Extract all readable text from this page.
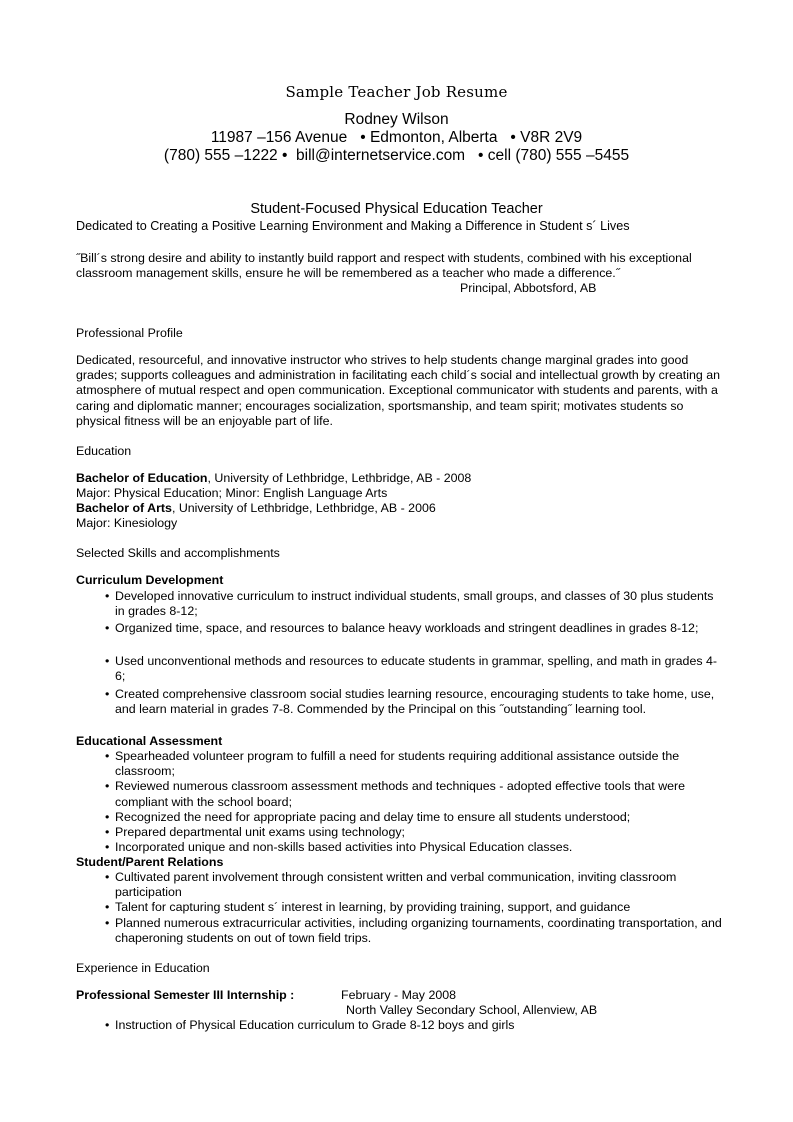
Sample Teacher Job Resume
Rodney Wilson
11987 –156 Avenue   • Edmonton, Alberta   • V8R 2V9
(780) 555 –1222 •  bill@internetservice.com   • cell (780) 555 –5455
Student-Focused Physical Education Teacher
Dedicated to Creating a Positive Learning Environment and Making a Difference in Student s´ Lives
˝Bill´s strong desire and ability to instantly build rapport and respect with students, combined with his exceptional classroom management skills, ensure he will be remembered as a teacher who made a difference.˝
Principal, Abbotsford, AB
Professional Profile
Dedicated, resourceful, and innovative instructor who strives to help students change marginal grades into good grades; supports colleagues and administration in facilitating each child´s social and intellectual growth by creating an atmosphere of mutual respect and open communication. Exceptional communicator with students and parents, with a caring and diplomatic manner; encourages socialization, sportsmanship, and team spirit; motivates students so physical fitness will be an enjoyable part of life.
Education
Bachelor of Education, University of Lethbridge, Lethbridge, AB - 2008
Major: Physical Education; Minor: English Language Arts
Bachelor of Arts, University of Lethbridge, Lethbridge, AB - 2006
Major: Kinesiology
Selected Skills and accomplishments
Curriculum Development
• Developed innovative curriculum to instruct individual students, small groups, and classes of 30 plus students in grades 8-12;
• Organized time, space, and resources to balance heavy workloads and stringent deadlines in grades 8-12;
• Used unconventional methods and resources to educate students in grammar, spelling, and math in grades 4-6;
• Created comprehensive classroom social studies learning resource, encouraging students to take home, use, and learn material in grades 7-8. Commended by the Principal on this ˝outstanding˝ learning tool.
Educational Assessment
• Spearheaded volunteer program to fulfill a need for students requiring additional assistance outside the classroom;
• Reviewed numerous classroom assessment methods and techniques - adopted effective tools that were compliant with the school board;
• Recognized the need for appropriate pacing and delay time to ensure all students understood;
• Prepared departmental unit exams using technology;
• Incorporated unique and non-skills based activities into Physical Education classes.
Student/Parent Relations
• Cultivated parent involvement through consistent written and verbal communication, inviting classroom participation
• Talent for capturing student s´ interest in learning, by providing training, support, and guidance
• Planned numerous extracurricular activities, including organizing tournaments, coordinating transportation, and chaperoning students on out of town field trips.
Experience in Education
Professional Semester III Internship :	February - May 2008
North Valley Secondary School, Allenview, AB
• Instruction of Physical Education curriculum to Grade 8-12 boys and girls
